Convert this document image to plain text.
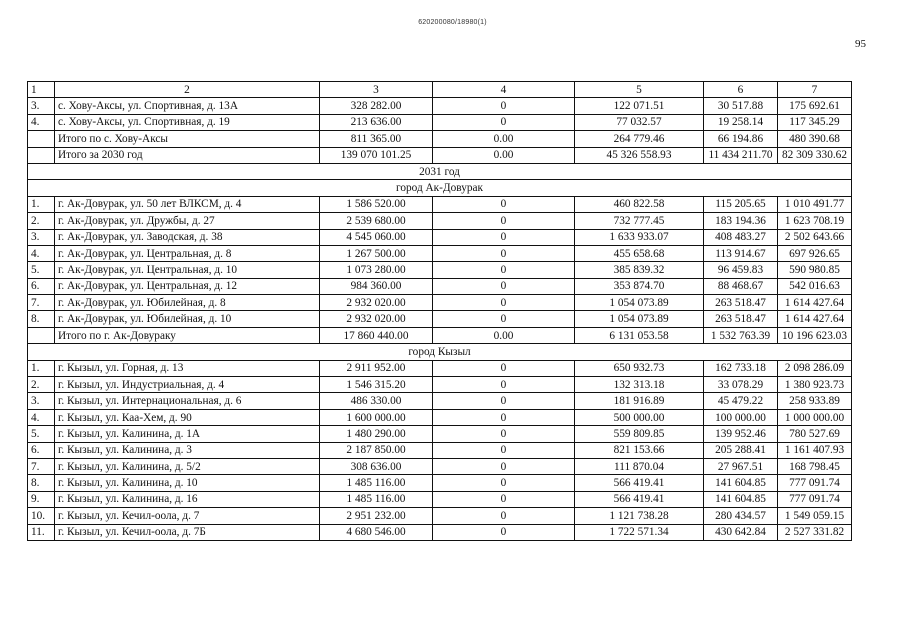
620200080/18980(1)
95
1	2	3	4	5	6	7
3.	с. Хову-Аксы, ул. Спортивная, д. 13А	328 282.00	0	122 071.51	30 517.88	175 692.61
4.	с. Хову-Аксы, ул. Спортивная, д. 19	213 636.00	0	77 032.57	19 258.14	117 345.29
	Итого по с. Хову-Аксы	811 365.00	0.00	264 779.46	66 194.86	480 390.68
	Итого за 2030 год	139 070 101.25	0.00	45 326 558.93	11 434 211.70	82 309 330.62
2031 год						
город Ак-Довурак						
1.	г. Ак-Довурак, ул. 50 лет ВЛКСМ, д. 4	1 586 520.00	0	460 822.58	115 205.65	1 010 491.77
2.	г. Ак-Довурак, ул. Дружбы, д. 27	2 539 680.00	0	732 777.45	183 194.36	1 623 708.19
3.	г. Ак-Довурак, ул. Заводская, д. 38	4 545 060.00	0	1 633 933.07	408 483.27	2 502 643.66
4.	г. Ак-Довурак, ул. Центральная, д. 8	1 267 500.00	0	455 658.68	113 914.67	697 926.65
5.	г. Ак-Довурак, ул. Центральная, д. 10	1 073 280.00	0	385 839.32	96 459.83	590 980.85
6.	г. Ак-Довурак, ул. Центральная, д. 12	984 360.00	0	353 874.70	88 468.67	542 016.63
7.	г. Ак-Довурак, ул. Юбилейная, д. 8	2 932 020.00	0	1 054 073.89	263 518.47	1 614 427.64
8.	г. Ак-Довурак, ул. Юбилейная, д. 10	2 932 020.00	0	1 054 073.89	263 518.47	1 614 427.64
	Итого по г. Ак-Довураку	17 860 440.00	0.00	6 131 053.58	1 532 763.39	10 196 623.03
город Кызыл						
1.	г. Кызыл, ул. Горная, д. 13	2 911 952.00	0	650 932.73	162 733.18	2 098 286.09
2.	г. Кызыл, ул. Индустриальная, д. 4	1 546 315.20	0	132 313.18	33 078.29	1 380 923.73
3.	г. Кызыл, ул. Интернациональная, д. 6	486 330.00	0	181 916.89	45 479.22	258 933.89
4.	г. Кызыл, ул. Каа-Хем, д. 90	1 600 000.00	0	500 000.00	100 000.00	1 000 000.00
5.	г. Кызыл, ул. Калинина, д. 1А	1 480 290.00	0	559 809.85	139 952.46	780 527.69
6.	г. Кызыл, ул. Калинина, д. 3	2 187 850.00	0	821 153.66	205 288.41	1 161 407.93
7.	г. Кызыл, ул. Калинина, д. 5/2	308 636.00	0	111 870.04	27 967.51	168 798.45
8.	г. Кызыл, ул. Калинина, д. 10	1 485 116.00	0	566 419.41	141 604.85	777 091.74
9.	г. Кызыл, ул. Калинина, д. 16	1 485 116.00	0	566 419.41	141 604.85	777 091.74
10.	г. Кызыл, ул. Кечил-оола, д. 7	2 951 232.00	0	1 121 738.28	280 434.57	1 549 059.15
11.	г. Кызыл, ул. Кечил-оола, д. 7Б	4 680 546.00	0	1 722 571.34	430 642.84	2 527 331.82
